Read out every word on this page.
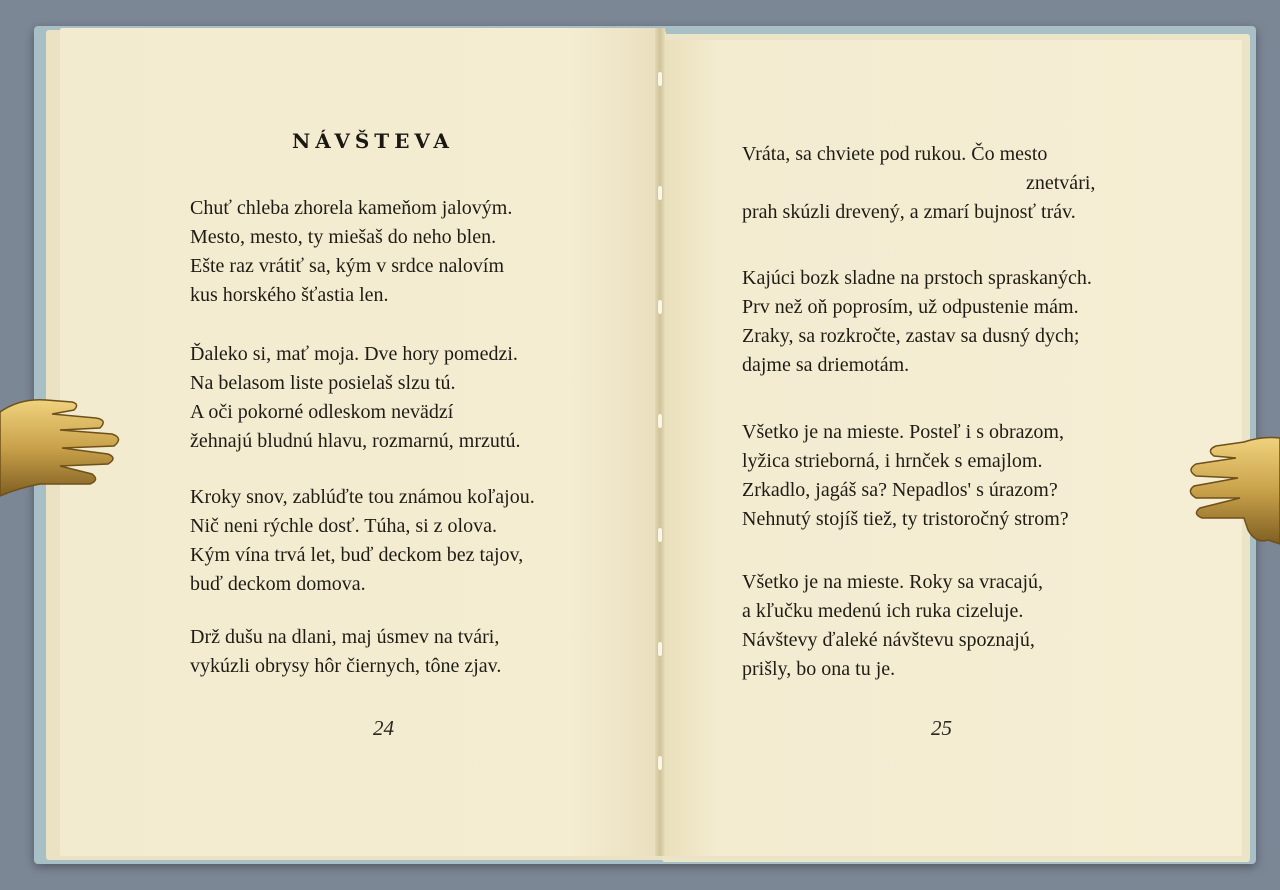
NÁVŠTEVA

Chuť chleba zhorela kameňom jalovým.
Mesto, mesto, ty miešaš do neho blen.
Ešte raz vrátiť sa, kým v srdce nalovím
kus horského šťastia len.

Ďaleko si, mať moja. Dve hory pomedzi.
Na belasom liste posielaš slzu tú.
A oči pokorné odleskom nevädzí
žehnajú bludnú hlavu, rozmarnú, mrzutú.

Kroky snov, zablúďte tou známou koľajou.
Nič neni rýchle dosť. Túha, si z olova.
Kým vína trvá let, buď deckom bez tajov,
buď deckom domova.

Drž dušu na dlani, maj úsmev na tvári,
vykúzli obrysy hôr čiernych, tône zjav.

24

Vráta, sa chviete pod rukou. Čo mesto
znetvári,
prah skúzli drevený, a zmarí bujnosť tráv.

Kajúci bozk sladne na prstoch spraskaných.
Prv než oň poprosím, už odpustenie mám.
Zraky, sa rozkročte, zastav sa dusný dych;
dajme sa driemotám.

Všetko je na mieste. Posteľ i s obrazom,
lyžica strieborná, i hrnček s emajlom.
Zrkadlo, jagáš sa? Nepadlos' s úrazom?
Nehnutý stojíš tiež, ty tristoročný strom?

Všetko je na mieste. Roky sa vracajú,
a kľučku medenú ich ruka cizeluje.
Návštevy ďaleké návštevu spoznajú,
prišly, bo ona tu je.

25
